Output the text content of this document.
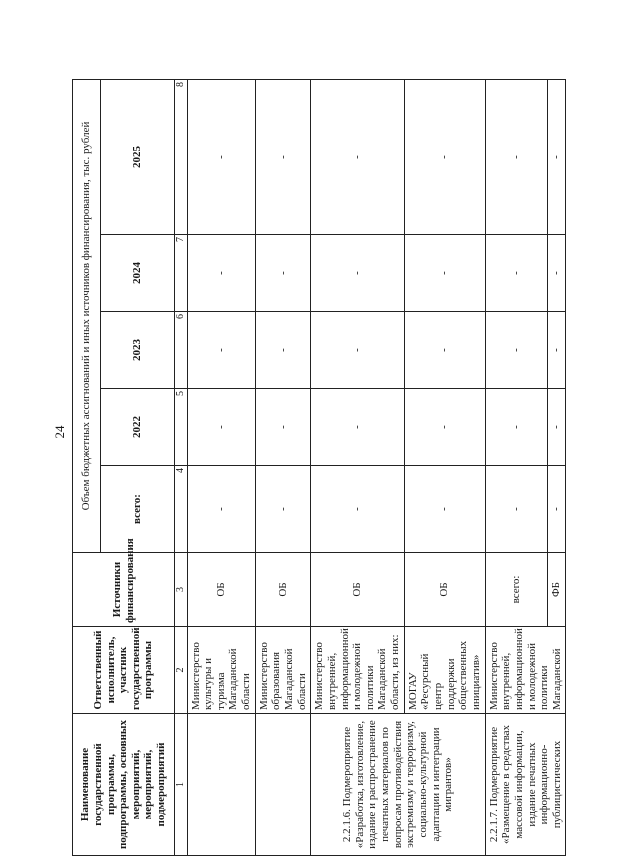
24
Наименование государственной программы, подпрограммы, основных мероприятий, мероприятий, подмероприятий	Ответственный исполнитель, участник государственной программы	Источники финансирования	Объем бюджетных ассигнований и иных источников финансирования, тыс. рублей				
			всего:	2022	2023	2024	2025
1	2	3	4	5	6	7	8
	Министерство культуры и туризма Магаданской области	ОБ	-	-	-	-	-
	Министерство образования Магаданской области	ОБ	-	-	-	-	-
2.2.1.6. Подмероприятие «Разработка, изготовление, издание и распространение печатных материалов по вопросам противодействия экстремизму и терроризму, социально-культурной адаптации и интеграции мигрантов»	Министерство внутренней, информационной и молодежной политики Магаданской области, из них:	ОБ	-	-	-	-	-
	МОГАУ «Ресурсный центр поддержки общественных инициатив»	ОБ	-	-	-	-	-
2.2.1.7. Подмероприятие «Размещение в средствах массовой информации, издание печатных информационно-публицистических	Министерство внутренней, информационной и молодежной политики Магаданской	всего:	-	-	-	-	-
		ФБ	-	-	-	-	-
